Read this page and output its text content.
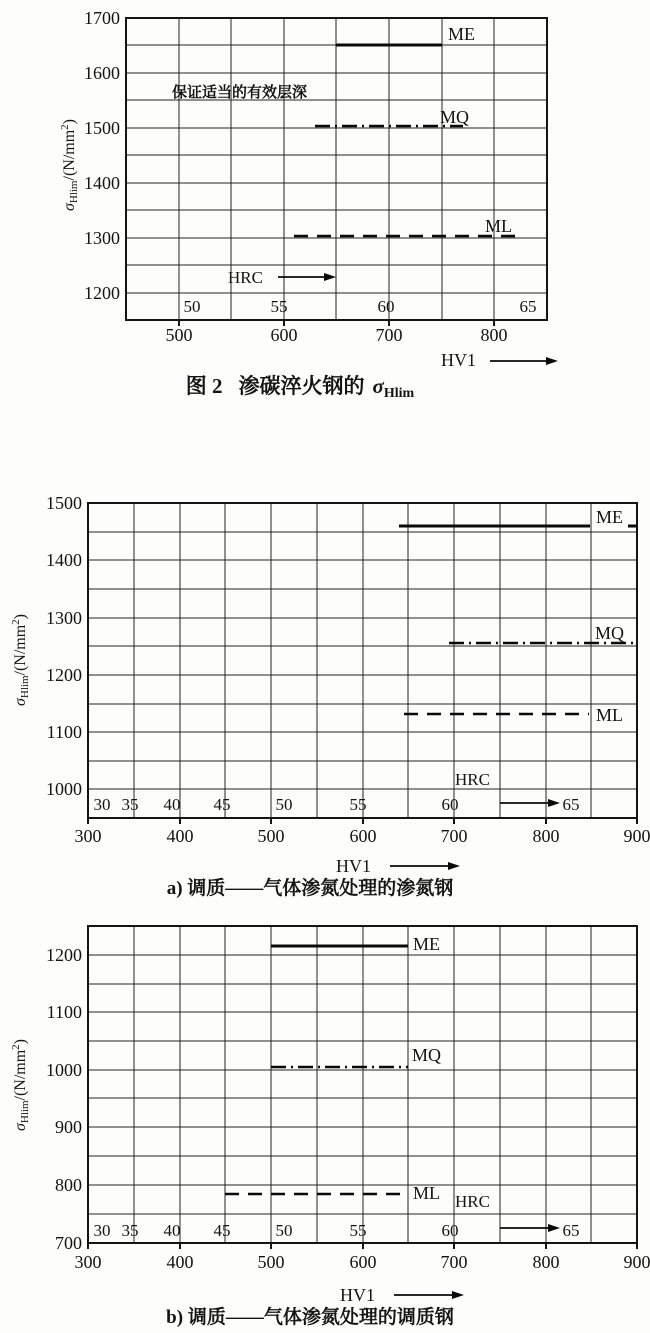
ME
MQ
ML
保证适当的有效层深
HRC
50	55	60	65
1700
1600
1500
1400
1300
1200
500	600	700	800
σHlim/$(N/mm^2)$
HV1
图 2 渗碳淬火钢的 σHlim
ME
MQ
ML
HRC
30 35 40 45	50	55	60	65
1500
1400
1300
1200
1100
1000
300	400	500	600	700	800	900
σHlim/$(N/mm^2)$
HV1
a) 调质——气体渗氮处理的渗氮钢
ME
MQ
ML HRC
30 35 40 45	50	55	60	65
1200
1100
1000
900
800
700
300	400	500	600	700	800	900
σHlim/$(N/mm^2)$
HV1
b) 调质——气体渗氮处理的调质钢
